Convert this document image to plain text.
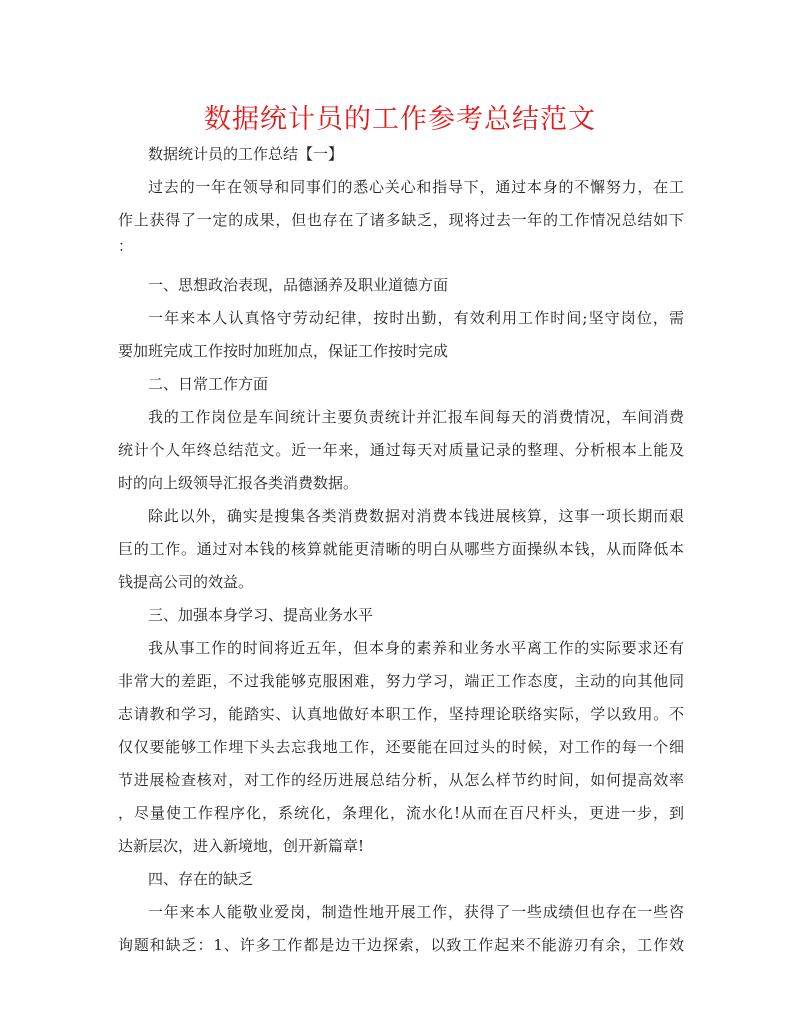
数据统计员的工作参考总结范文
数据统计员的工作总结【一】
过去的一年在领导和同事们的悉心关心和指导下，通过本身的不懈努力，在工
作上获得了一定的成果，但也存在了诸多缺乏，现将过去一年的工作情况总结如下
：
一、思想政治表现，品德涵养及职业道德方面
一年来本人认真恪守劳动纪律，按时出勤，有效利用工作时间;坚守岗位，需
要加班完成工作按时加班加点，保证工作按时完成
二、日常工作方面
我的工作岗位是车间统计主要负责统计并汇报车间每天的消费情况，车间消费
统计个人年终总结范文。近一年来，通过每天对质量记录的整理、分析根本上能及
时的向上级领导汇报各类消费数据。
除此以外，确实是搜集各类消费数据对消费本钱进展核算，这事一项长期而艰
巨的工作。通过对本钱的核算就能更清晰的明白从哪些方面操纵本钱，从而降低本
钱提高公司的效益。
三、加强本身学习、提高业务水平
我从事工作的时间将近五年，但本身的素养和业务水平离工作的实际要求还有
非常大的差距，不过我能够克服困难，努力学习，端正工作态度，主动的向其他同
志请教和学习，能踏实、认真地做好本职工作，坚持理论联络实际，学以致用。不
仅仅要能够工作埋下头去忘我地工作，还要能在回过头的时候，对工作的每一个细
节进展检查核对，对工作的经历进展总结分析，从怎么样节约时间，如何提高效率
，尽量使工作程序化，系统化，条理化，流水化!从而在百尺杆头，更进一步，到
达新层次，进入新境地，创开新篇章!
四、存在的缺乏
一年来本人能敬业爱岗，制造性地开展工作，获得了一些成绩但也存在一些咨
询题和缺乏：1、许多工作都是边干边探索，以致工作起来不能游刃有余，工作效
